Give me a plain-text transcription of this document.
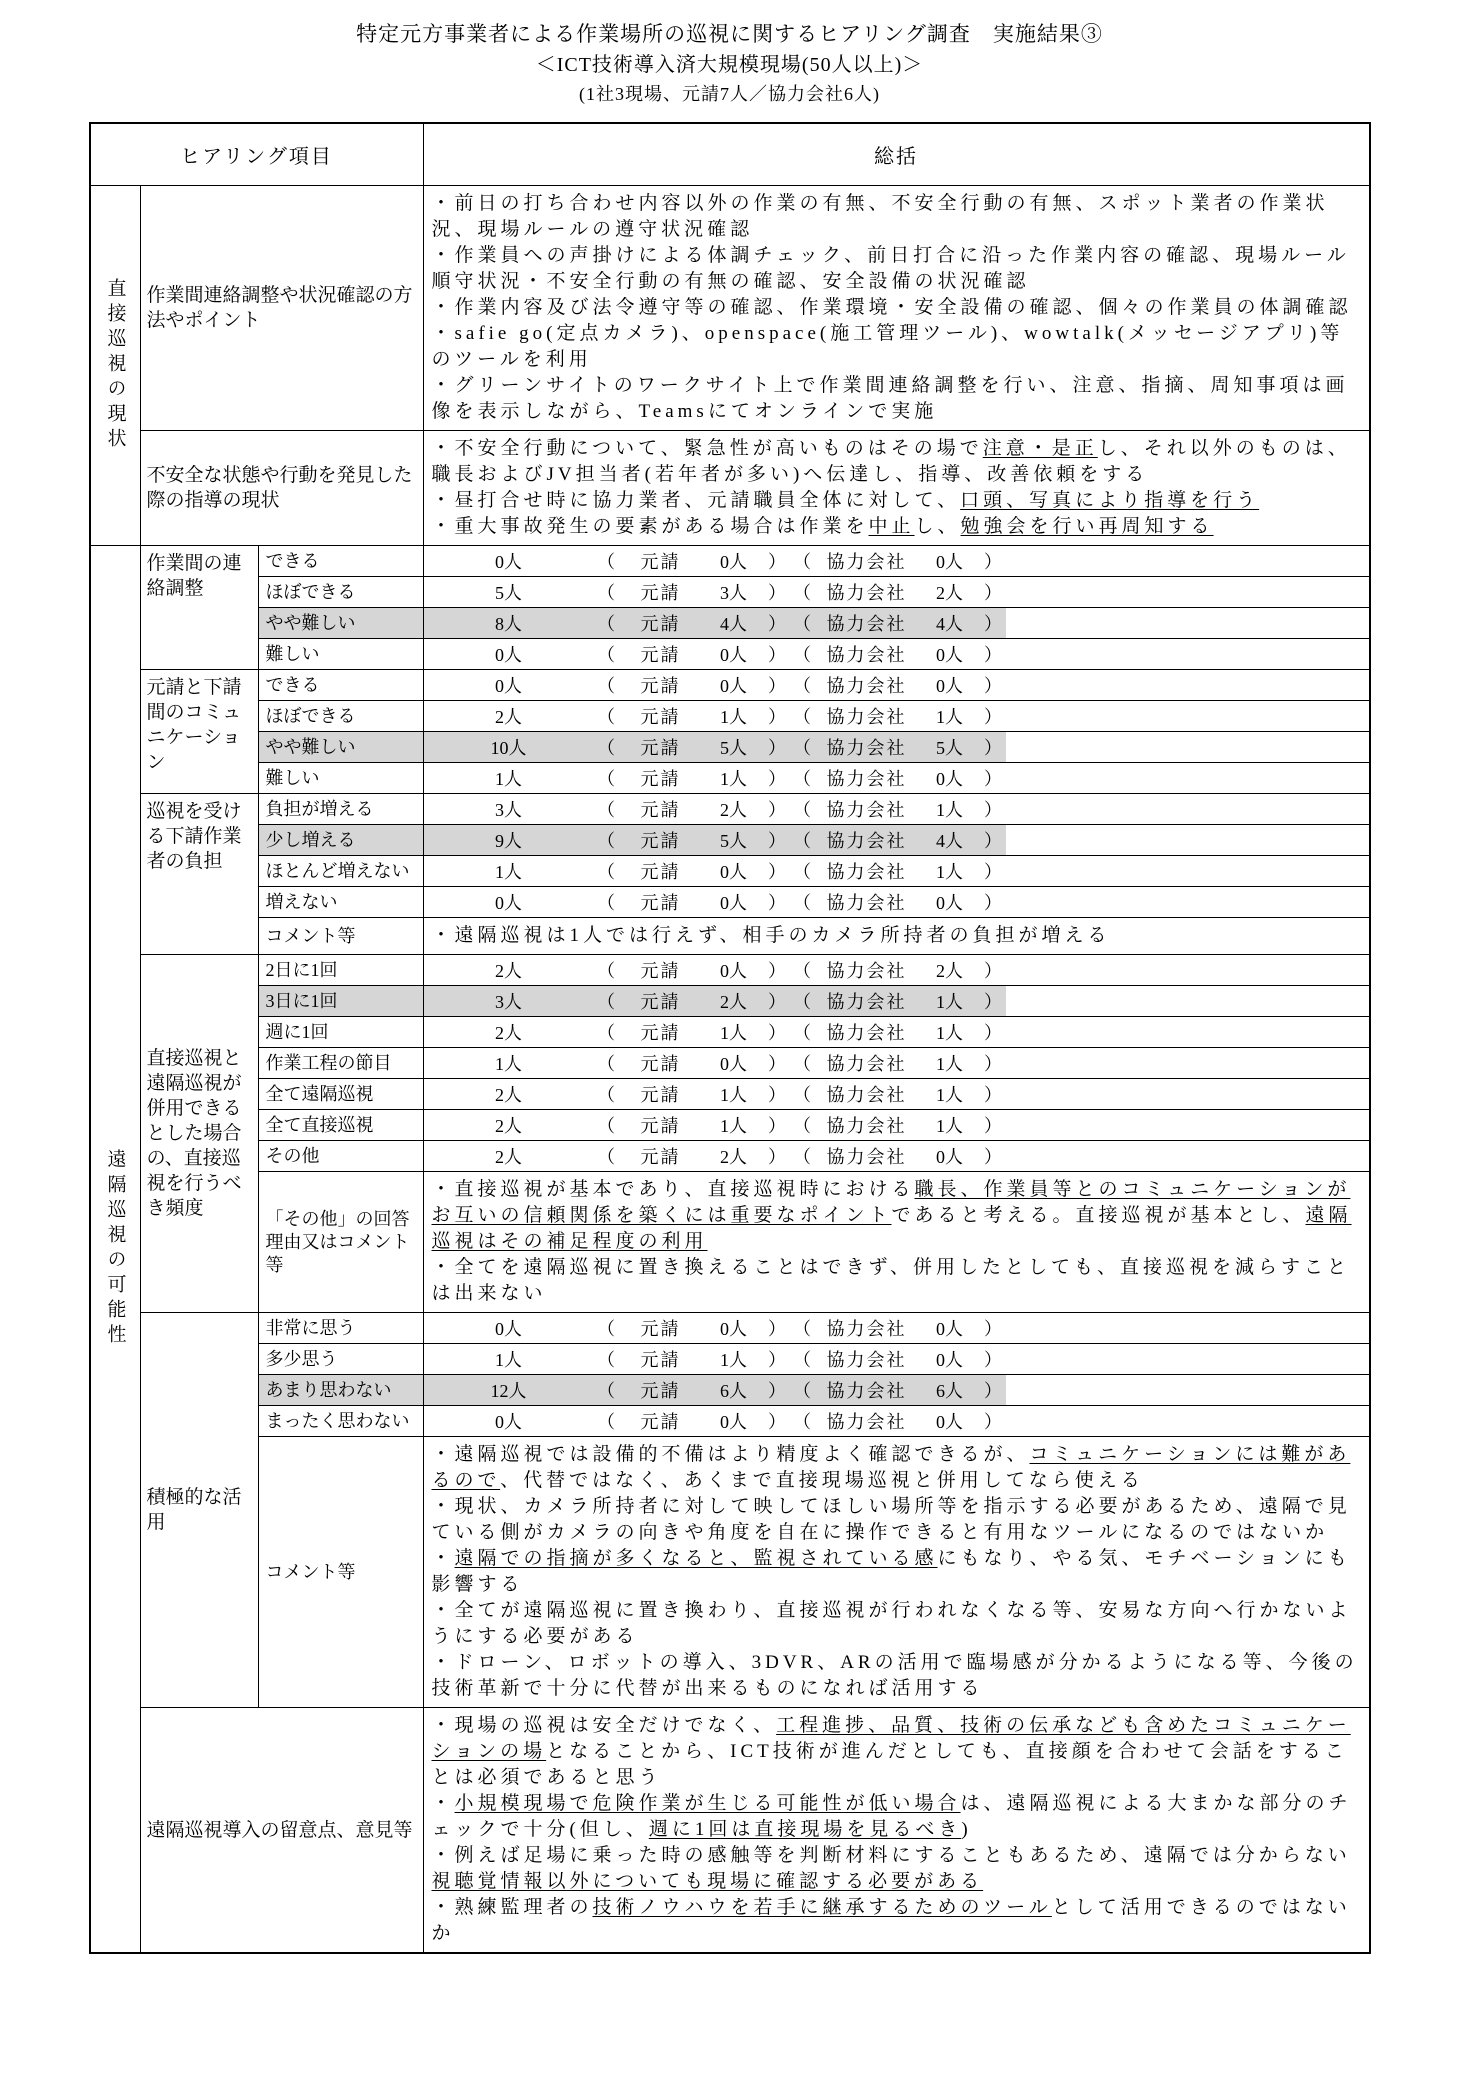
特定元方事業者による作業場所の巡視に関するヒアリング調査　実施結果③
＜ICT技術導入済大規模現場(50人以上)＞
(1社3現場、元請7人／協力会社6人)
ヒアリング項目	総括
直接巡視の現状 作業間連絡調整や状況確認の方法やポイント
・前日の打ち合わせ内容以外の作業の有無、不安全行動の有無、スポット業者の作業状況、現場ルールの遵守状況確認
・作業員への声掛けによる体調チェック、前日打合に沿った作業内容の確認、現場ルール順守状況・不安全行動の有無の確認、安全設備の状況確認
・作業内容及び法令遵守等の確認、作業環境・安全設備の確認、個々の作業員の体調確認
・safie go(定点カメラ)、openspace(施工管理ツール)、wowtalk(メッセージアプリ)等のツールを利用
・グリーンサイトのワークサイト上で作業間連絡調整を行い、注意、指摘、周知事項は画像を表示しながら、Teamsにてオンラインで実施
不安全な状態や行動を発見した際の指導の現状
・不安全行動について、緊急性が高いものはその場で注意・是正し、それ以外のものは、職長およびJV担当者(若年者が多い)へ伝達し、指導、改善依頼をする
・昼打合せ時に協力業者、元請職員全体に対して、口頭、写真により指導を行う
・重大事故発生の要素がある場合は作業を中止し、勉強会を行い再周知する
遠隔巡視の可能性
作業間の連絡調整
できる	0人	（	元請	0人	） （ 協力会社	0人	）
ほぼできる	5人	（	元請	3人	） （ 協力会社	2人	）
やや難しい	8人	（	元請	4人	） （ 協力会社	4人	）
難しい	0人	（	元請	0人	） （ 協力会社	0人	）
元請と下請間のコミュニケーション
できる	0人	（	元請	0人	） （ 協力会社	0人	）
ほぼできる	2人	（	元請	1人	） （ 協力会社	1人	）
やや難しい	10人	（	元請	5人	） （ 協力会社	5人	）
難しい	1人	（	元請	1人	） （ 協力会社	0人	）
巡視を受ける下請作業者の負担
負担が増える	3人	（	元請	2人	） （ 協力会社	1人	）
少し増える	9人	（	元請	5人	） （ 協力会社	4人	）
ほとんど増えない	1人	（	元請	0人	） （ 協力会社	1人	）
増えない	0人	（	元請	0人	） （ 協力会社	0人	）
コメント等	・遠隔巡視は1人では行えず、相手のカメラ所持者の負担が増える
直接巡視と遠隔巡視が併用できるとした場合の、直接巡視を行うべき頻度
2日に1回	2人	（	元請	0人	） （ 協力会社	2人	）
3日に1回	3人	（	元請	2人	） （ 協力会社	1人	）
週に1回	2人	（	元請	1人	） （ 協力会社	1人	）
作業工程の節目	1人	（	元請	0人	） （ 協力会社	1人	）
全て遠隔巡視	2人	（	元請	1人	） （ 協力会社	1人	）
全て直接巡視	2人	（	元請	1人	） （ 協力会社	1人	）
その他	2人	（	元請	2人	） （ 協力会社	0人	）
「その他」の回答理由又はコメント等
・直接巡視が基本であり、直接巡視時における職長、作業員等とのコミュニケーションがお互いの信頼関係を築くには重要なポイントであると考える。直接巡視が基本とし、遠隔巡視はその補足程度の利用
・全てを遠隔巡視に置き換えることはできず、併用したとしても、直接巡視を減らすことは出来ない
積極的な活用
非常に思う	0人	（	元請	0人	） （ 協力会社	0人	）
多少思う	1人	（	元請	1人	） （ 協力会社	0人	）
あまり思わない	12人	（	元請	6人	） （ 協力会社	6人	）
まったく思わない	0人	（	元請	0人	） （ 協力会社	0人	）
コメント等
・遠隔巡視では設備的不備はより精度よく確認できるが、コミュニケーションには難があるので、代替ではなく、あくまで直接現場巡視と併用してなら使える
・現状、カメラ所持者に対して映してほしい場所等を指示する必要があるため、遠隔で見ている側がカメラの向きや角度を自在に操作できると有用なツールになるのではないか
・遠隔での指摘が多くなると、監視されている感にもなり、やる気、モチベーションにも影響する
・全てが遠隔巡視に置き換わり、直接巡視が行われなくなる等、安易な方向へ行かないようにする必要がある
・ドローン、ロボットの導入、3DVR、ARの活用で臨場感が分かるようになる等、今後の技術革新で十分に代替が出来るものになれば活用する
遠隔巡視導入の留意点、意見等
・現場の巡視は安全だけでなく、工程進捗、品質、技術の伝承なども含めたコミュニケーションの場となることから、ICT技術が進んだとしても、直接顔を合わせて会話をすることは必須であると思う
・小規模現場で危険作業が生じる可能性が低い場合は、遠隔巡視による大まかな部分のチェックで十分(但し、週に1回は直接現場を見るべき)
・例えば足場に乗った時の感触等を判断材料にすることもあるため、遠隔では分からない視聴覚情報以外についても現場に確認する必要がある
・熟練監理者の技術ノウハウを若手に継承するためのツールとして活用できるのではないか
